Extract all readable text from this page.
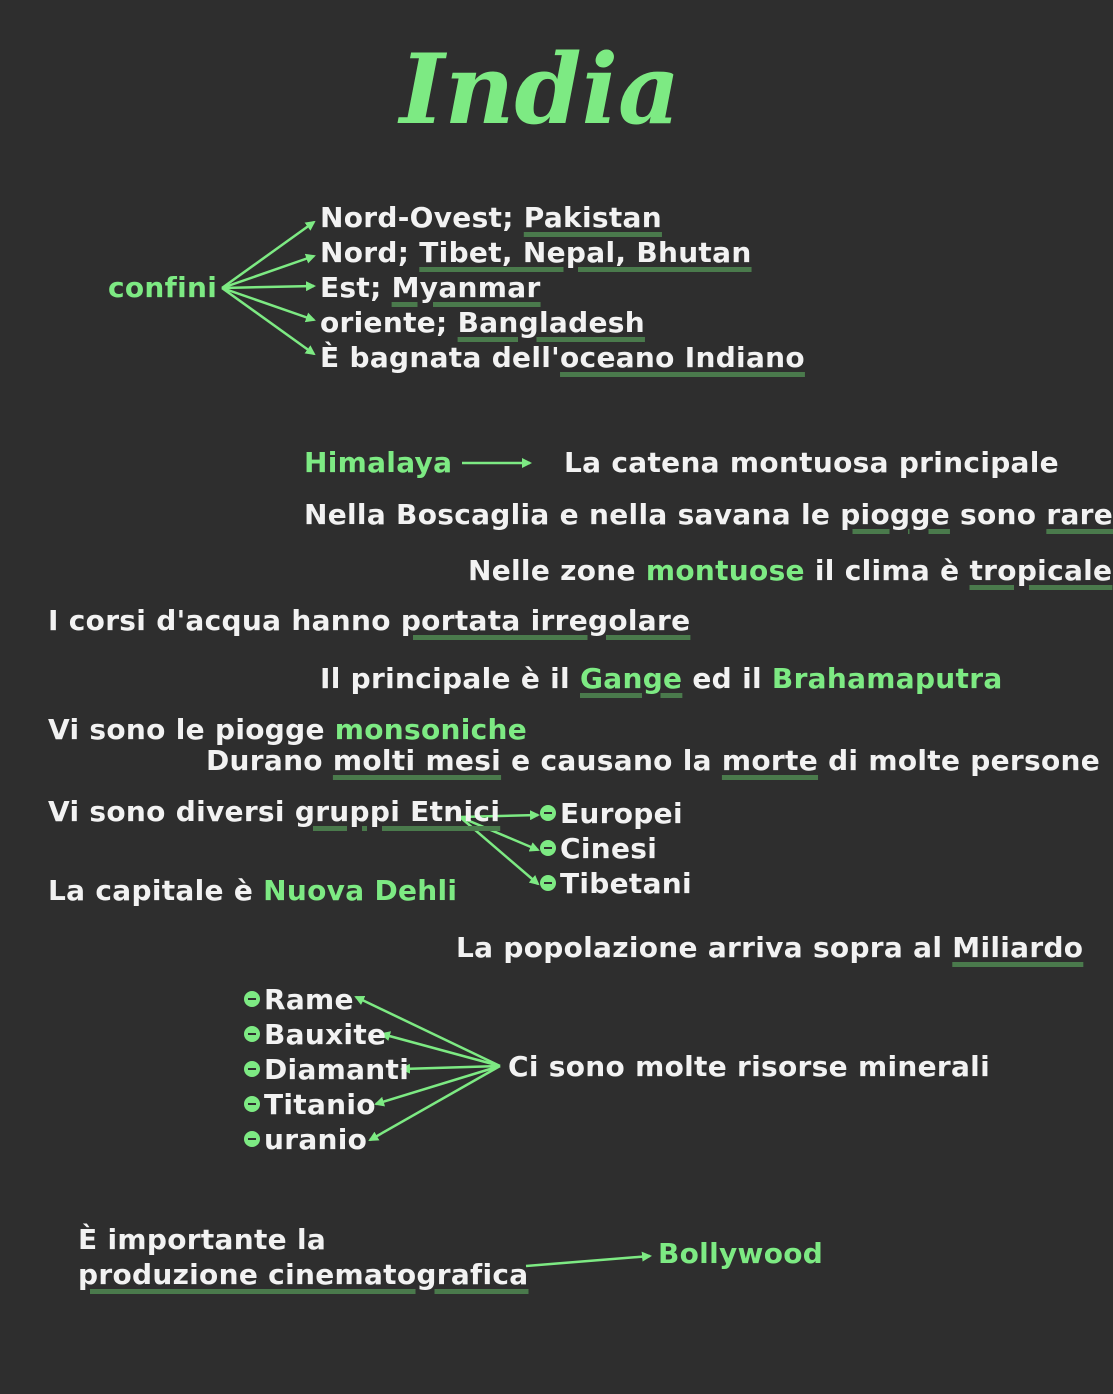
India
confini
Nord-Ovest; Pakistan
Nord; Tibet, Nepal, Bhutan
Est; Myanmar
oriente; Bangladesh
È bagnata dell'oceano Indiano
Himalaya	La catena montuosa principale
Nella Boscaglia e nella savana le piogge sono rare
Nelle zone montuose il clima è tropicale
I corsi d'acqua hanno portata irregolare
Il principale è il Gange ed il Brahamaputra
Vi sono le piogge monsoniche
Durano molti mesi e causano la morte di molte persone
Vi sono diversi gruppi Etnici	Europei
Cinesi
Tibetani
La capitale è Nuova Dehli
La popolazione arriva sopra al Miliardo
Rame
Bauxite
Diamanti
Titanio
uranio
Ci sono molte risorse minerali
È importante la
produzione cinematografica
Bollywood
